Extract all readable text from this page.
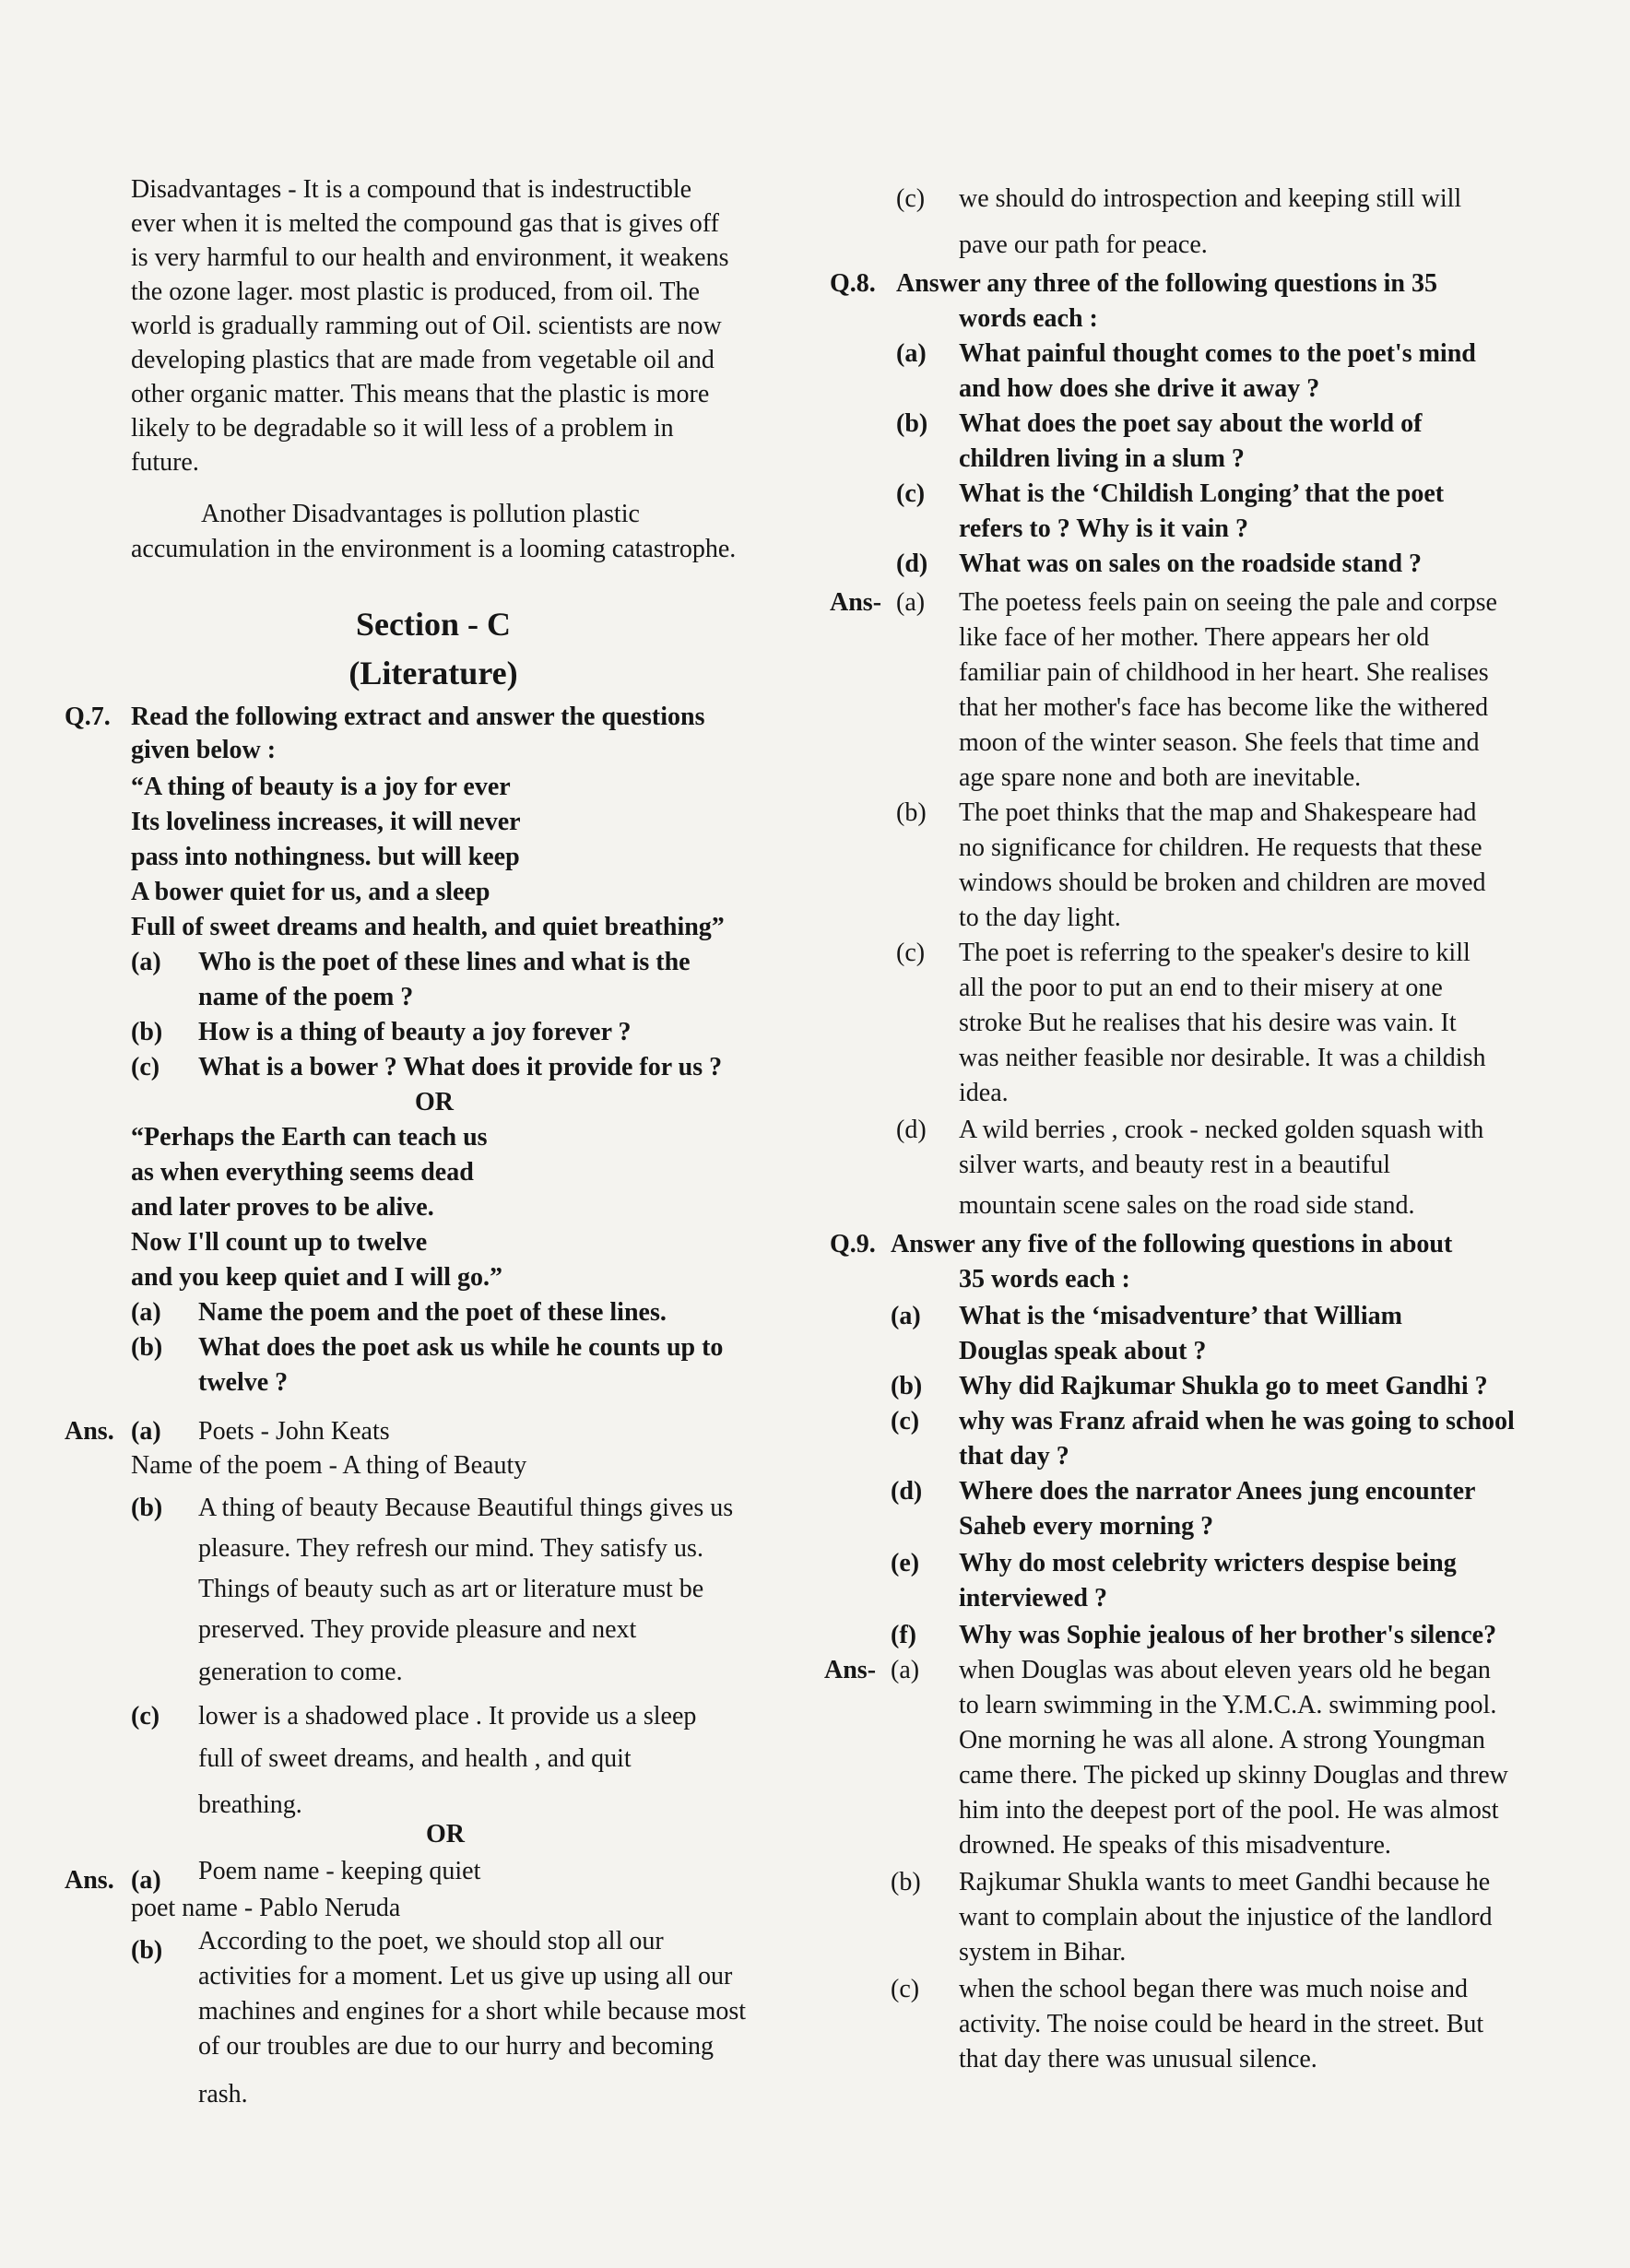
Disadvantages - It is a compound that is indestructible
ever when it is melted the compound gas that is gives off
is very harmful to our health and environment, it weakens
the ozone lager. most plastic is produced, from oil. The
world is gradually ramming out of Oil. scientists are now
developing plastics that are made from vegetable oil and
other organic matter. This means that the plastic is more
likely to be degradable so it will less of a problem in
future.
Another Disadvantages is pollution plastic
accumulation in the environment is a looming catastrophe.
Section - C
(Literature)
Q.7. Read the following extract and answer the questions
given below :
“A thing of beauty is a joy for ever
Its loveliness increases, it will never
pass into nothingness. but will keep
A bower quiet for us, and a sleep
Full of sweet dreams and health, and quiet breathing”
(a) Who is the poet of these lines and what is the
name of the poem ?
(b) How is a thing of beauty a joy forever ?
(c) What is a bower ? What does it provide for us ?
OR
“Perhaps the Earth can teach us
as when everything seems dead
and later proves to be alive.
Now I'll count up to twelve
and you keep quiet and I will go.”
(a) Name the poem and the poet of these lines.
(b) What does the poet ask us while he counts up to
twelve ?
Ans. (a) Poets - John Keats
Name of the poem - A thing of Beauty
(b) A thing of beauty Because Beautiful things gives us
pleasure. They refresh our mind. They satisfy us.
Things of beauty such as art or literature must be
preserved. They provide pleasure and next
generation to come.
(c) lower is a shadowed place . It provide us a sleep
full of sweet dreams, and health , and quit
breathing.
OR
Ans. (a) Poem name - keeping quiet
poet name - Pablo Neruda
(b) According to the poet, we should stop all our
activities for a moment. Let us give up using all our
machines and engines for a short while because most
of our troubles are due to our hurry and becoming
rash.
(c) we should do introspection and keeping still will
pave our path for peace.
Q.8. Answer any three of the following questions in 35
words each :
(a) What painful thought comes to the poet's mind
and how does she drive it away ?
(b) What does the poet say about the world of
children living in a slum ?
(c) What is the ‘Childish Longing’ that the poet
refers to ? Why is it vain ?
(d) What was on sales on the roadside stand ?
Ans- (a) The poetess feels pain on seeing the pale and corpse
like face of her mother. There appears her old
familiar pain of childhood in her heart. She realises
that her mother's face has become like the withered
moon of the winter season. She feels that time and
age spare none and both are inevitable.
(b) The poet thinks that the map and Shakespeare had
no significance for children. He requests that these
windows should be broken and children are moved
to the day light.
(c) The poet is referring to the speaker's desire to kill
all the poor to put an end to their misery at one
stroke But he realises that his desire was vain. It
was neither feasible nor desirable. It was a childish
idea.
(d) A wild berries , crook - necked golden squash with
silver warts, and beauty rest in a beautiful
mountain scene sales on the road side stand.
Q.9. Answer any five of the following questions in about
35 words each :
(a) What is the ‘misadventure’ that William
Douglas speak about ?
(b) Why did Rajkumar Shukla go to meet Gandhi ?
(c) why was Franz afraid when he was going to school
that day ?
(d) Where does the narrator Anees jung encounter
Saheb every morning ?
(e) Why do most celebrity wricters despise being
interviewed ?
(f) Why was Sophie jealous of her brother's silence?
Ans- (a) when Douglas was about eleven years old he began
to learn swimming in the Y.M.C.A. swimming pool.
One morning he was all alone. A strong Youngman
came there. The picked up skinny Douglas and threw
him into the deepest port of the pool. He was almost
drowned. He speaks of this misadventure.
(b) Rajkumar Shukla wants to meet Gandhi because he
want to complain about the injustice of the landlord
system in Bihar.
(c) when the school began there was much noise and
activity. The noise could be heard in the street. But
that day there was unusual silence.
